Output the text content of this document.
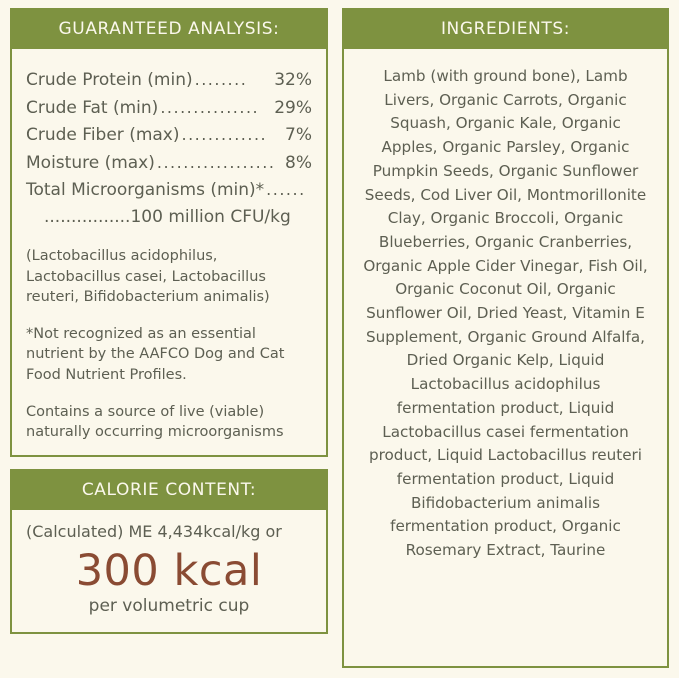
GUARANTEED ANALYSIS:
Crude Protein (min) ........	32%
Crude Fat (min) ............... 29%
Crude Fiber (max) .............	7%
Moisture (max) .................. 8%
Total Microorganisms (min)* ......
................100 million CFU/kg
(Lactobacillus acidophilus, Lactobacillus casei, Lactobacillus reuteri, Bifidobacterium animalis)
*Not recognized as an essential nutrient by the AAFCO Dog and Cat Food Nutrient Profiles.
Contains a source of live (viable) naturally occurring microorganisms
CALORIE CONTENT:
(Calculated) ME 4,434kcal/kg or
300 kcal
per volumetric cup
INGREDIENTS:
Lamb (with ground bone), Lamb Livers, Organic Carrots, Organic Squash, Organic Kale, Organic Apples, Organic Parsley, Organic Pumpkin Seeds, Organic Sunflower Seeds, Cod Liver Oil, Montmorillonite Clay, Organic Broccoli, Organic Blueberries, Organic Cranberries, Organic Apple Cider Vinegar, Fish Oil, Organic Coconut Oil, Organic Sunflower Oil, Dried Yeast, Vitamin E Supplement, Organic Ground Alfalfa, Dried Organic Kelp, Liquid Lactobacillus acidophilus fermentation product, Liquid Lactobacillus casei fermentation product, Liquid Lactobacillus reuteri fermentation product, Liquid Bifidobacterium animalis fermentation product, Organic Rosemary Extract, Taurine
